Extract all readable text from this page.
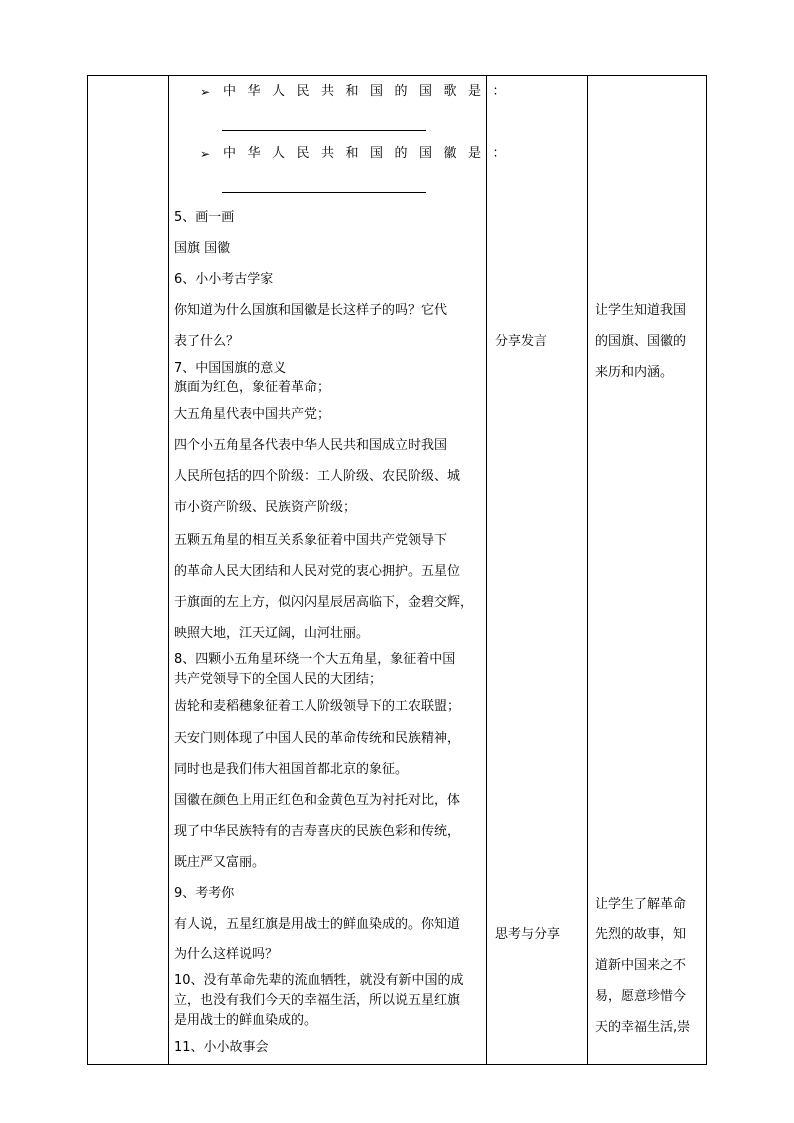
➢ 中华人民共和国的国歌是：
➢ 中华人民共和国的国徽是：
5、画一画
国旗 国徽
6、小小考古学家
你知道为什么国旗和国徽是长这样子的吗？它代
表了什么？
7、中国国旗的意义
旗面为红色，象征着革命；
大五角星代表中国共产党；
四个小五角星各代表中华人民共和国成立时我国
人民所包括的四个阶级：工人阶级、农民阶级、城
市小资产阶级、民族资产阶级；
五颗五角星的相互关系象征着中国共产党领导下
的革命人民大团结和人民对党的衷心拥护。五星位
于旗面的左上方，似闪闪星辰居高临下，金碧交辉，
映照大地，江天辽阔，山河壮丽。
8、四颗小五角星环绕一个大五角星，象征着中国
共产党领导下的全国人民的大团结；
齿轮和麦稻穗象征着工人阶级领导下的工农联盟；
天安门则体现了中国人民的革命传统和民族精神，
同时也是我们伟大祖国首都北京的象征。
国徽在颜色上用正红色和金黄色互为衬托对比，体
现了中华民族特有的吉寿喜庆的民族色彩和传统，
既庄严又富丽。
9、考考你
有人说，五星红旗是用战士的鲜血染成的。你知道
为什么这样说吗？
10、没有革命先辈的流血牺牲，就没有新中国的成
立，也没有我们今天的幸福生活，所以说五星红旗
是用战士的鲜血染成的。
11、小小故事会
分享发言
思考与分享
让学生知道我国
的国旗、国徽的
来历和内涵。
让学生了解革命
先烈的故事，知
道新中国来之不
易，愿意珍惜今
天的幸福生活,崇
